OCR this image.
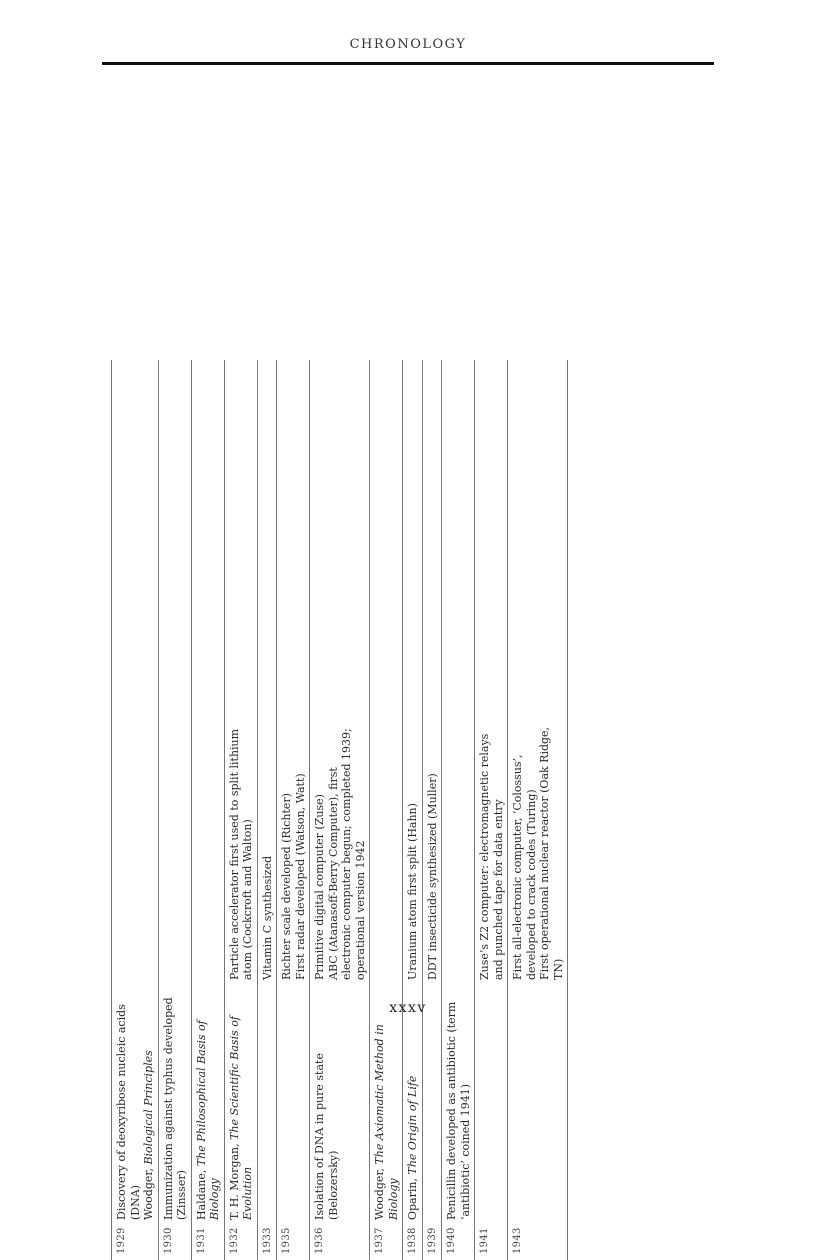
CHRONOLOGY
1929	Discovery of deoxyribose nucleic acids (DNA) Woodger, Biological Principles		

1930	Immunization against typhus developed (Zinsser)		

1931	Haldane, The Philosophical Basis of Biology		

1932	T. H. Morgan, The Scientific Basis of Evolution	Particle accelerator first used to split lithium atom (Cockcroft and Walton)	

1933		Vitamin C synthesized	

1935		Richter scale developed (Richter) First radar developed (Watson, Watt)	

1936	Isolation of DNA in pure state (Belozersky)	Primitive digital computer (Zuse) ABC (Atanasoff-Berry Computer), first electronic computer begun; completed 1939; operational version 1942	

1937	Woodger, The Axiomatic Method in Biology		

1938	Oparin, The Origin of Life	Uranium atom first split (Hahn)	

1939		DDT insecticide synthesized (Muller)	

1940	Penicillin developed as antibiotic (term ‘antibiotic’ coined 1941)		

1941		Zuse’s Z2 computer: electromagnetic relays and punched tape for data entry	

1943		First all-electronic computer, ‘Colossus’, developed to crack codes (Turing) First operational nuclear reactor (Oak Ridge, TN)	

xxxv
